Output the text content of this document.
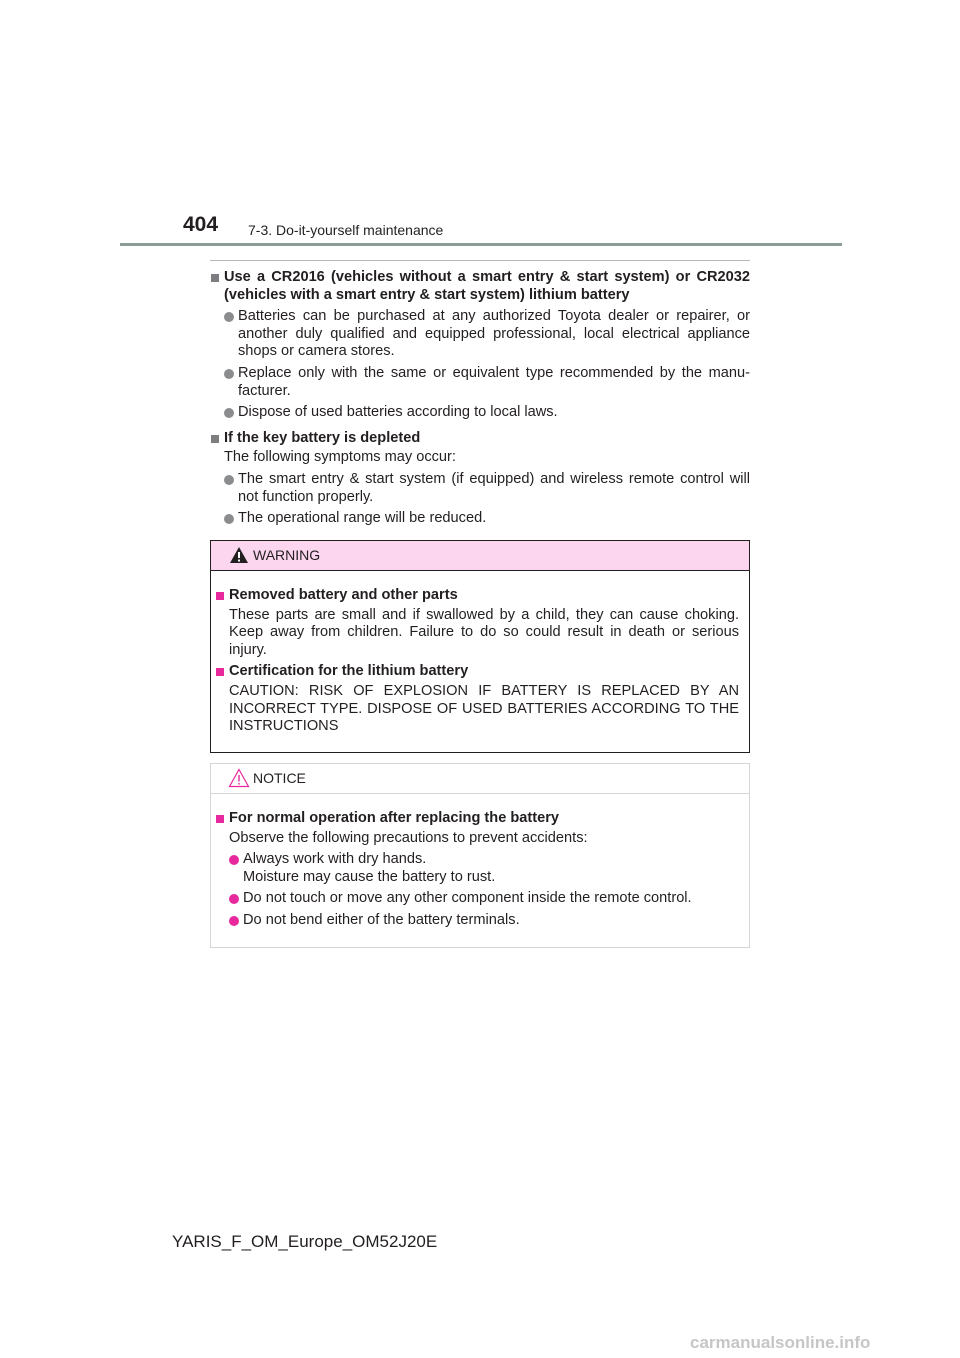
404 7-3. Do-it-yourself maintenance
Use a CR2016 (vehicles without a smart entry & start system) or CR2032 (vehicles with a smart entry & start system) lithium battery
Batteries can be purchased at any authorized Toyota dealer or repairer, or another duly qualified and equipped professional, local electrical appliance shops or camera stores.
Replace only with the same or equivalent type recommended by the manu-facturer.
Dispose of used batteries according to local laws.
If the key battery is depleted
The following symptoms may occur:
The smart entry & start system (if equipped) and wireless remote control will not function properly.
The operational range will be reduced.
WARNING
Removed battery and other parts
These parts are small and if swallowed by a child, they can cause choking. Keep away from children. Failure to do so could result in death or serious injury.
Certification for the lithium battery
CAUTION: RISK OF EXPLOSION IF BATTERY IS REPLACED BY AN INCORRECT TYPE. DISPOSE OF USED BATTERIES ACCORDING TO THE INSTRUCTIONS
NOTICE
For normal operation after replacing the battery
Observe the following precautions to prevent accidents:
Always work with dry hands.
Moisture may cause the battery to rust.
Do not touch or move any other component inside the remote control.
Do not bend either of the battery terminals.
YARIS_F_OM_Europe_OM52J20E
carmanualsonline.info
